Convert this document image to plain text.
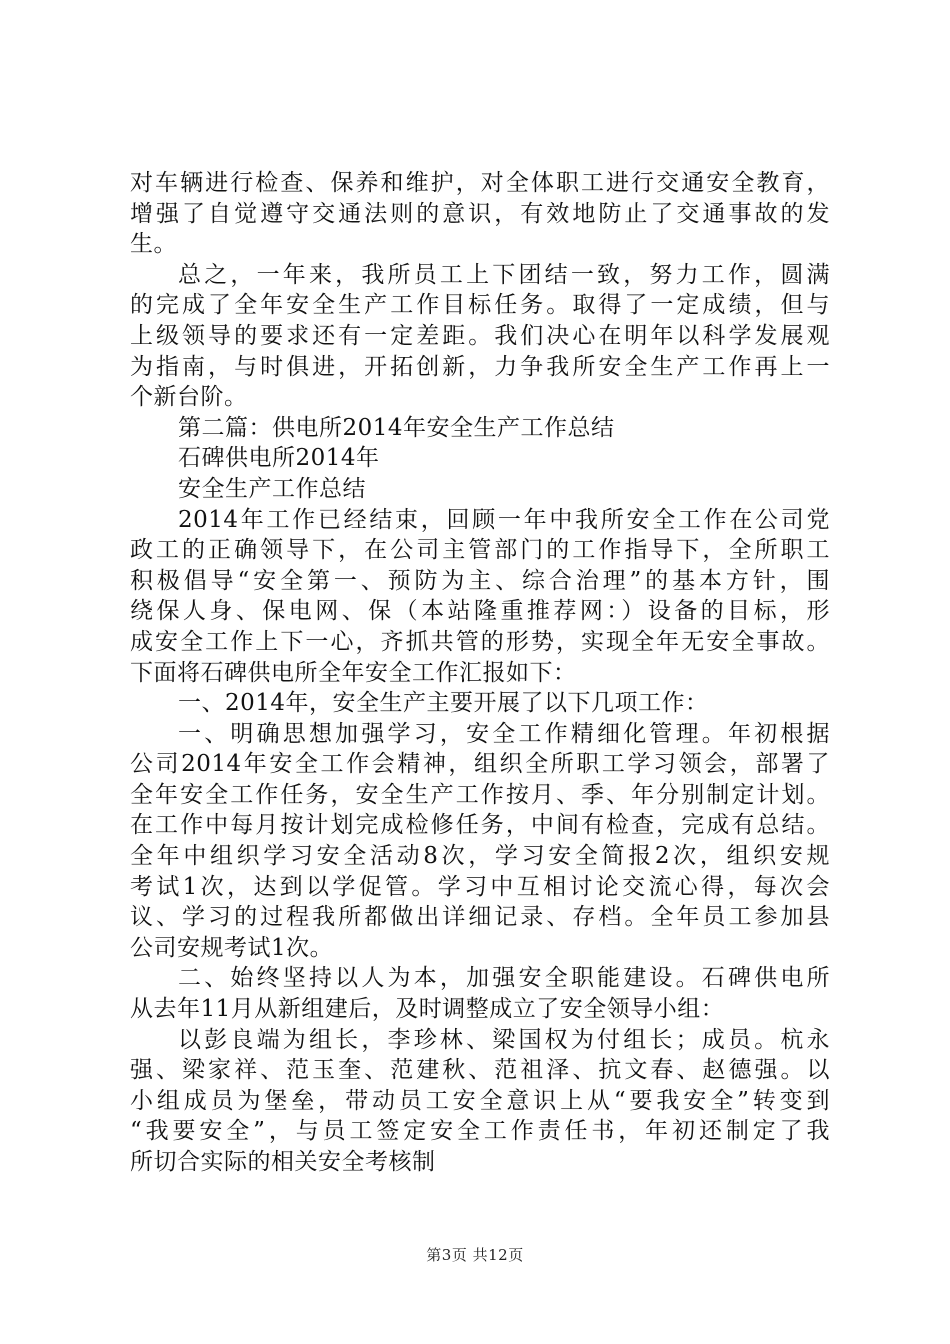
对车辆进行检查、保养和维护，对全体职工进行交通安全教育，
增强了自觉遵守交通法则的意识，有效地防止了交通事故的发
生。
总之，一年来，我所员工上下团结一致，努力工作，圆满
的完成了全年安全生产工作目标任务。取得了一定成绩，但与
上级领导的要求还有一定差距。我们决心在明年以科学发展观
为指南，与时俱进，开拓创新，力争我所安全生产工作再上一
个新台阶。
第二篇：供电所2014年安全生产工作总结
石碑供电所2014年
安全生产工作总结
2014年工作已经结束，回顾一年中我所安全工作在公司党
政工的正确领导下，在公司主管部门的工作指导下，全所职工
积极倡导“安全第一、预防为主、综合治理”的基本方针，围
绕保人身、保电网、保（本站隆重推荐网：）设备的目标，形
成安全工作上下一心，齐抓共管的形势，实现全年无安全事故。
下面将石碑供电所全年安全工作汇报如下：
一、2014年，安全生产主要开展了以下几项工作：
一、明确思想加强学习，安全工作精细化管理。年初根据
公司2014年安全工作会精神，组织全所职工学习领会，部署了
全年安全工作任务，安全生产工作按月、季、年分别制定计划。
在工作中每月按计划完成检修任务，中间有检查，完成有总结。
全年中组织学习安全活动8次，学习安全简报2次，组织安规
考试1次，达到以学促管。学习中互相讨论交流心得，每次会
议、学习的过程我所都做出详细记录、存档。全年员工参加县
公司安规考试1次。
二、始终坚持以人为本，加强安全职能建设。石碑供电所
从去年11月从新组建后，及时调整成立了安全领导小组：
以彭良端为组长，李珍林、梁国权为付组长；成员。杭永
强、梁家祥、范玉奎、范建秋、范祖泽、抗文春、赵德强。以
小组成员为堡垒，带动员工安全意识上从“要我安全”转变到
“我要安全”，与员工签定安全工作责任书，年初还制定了我
所切合实际的相关安全考核制
第3页 共12页
